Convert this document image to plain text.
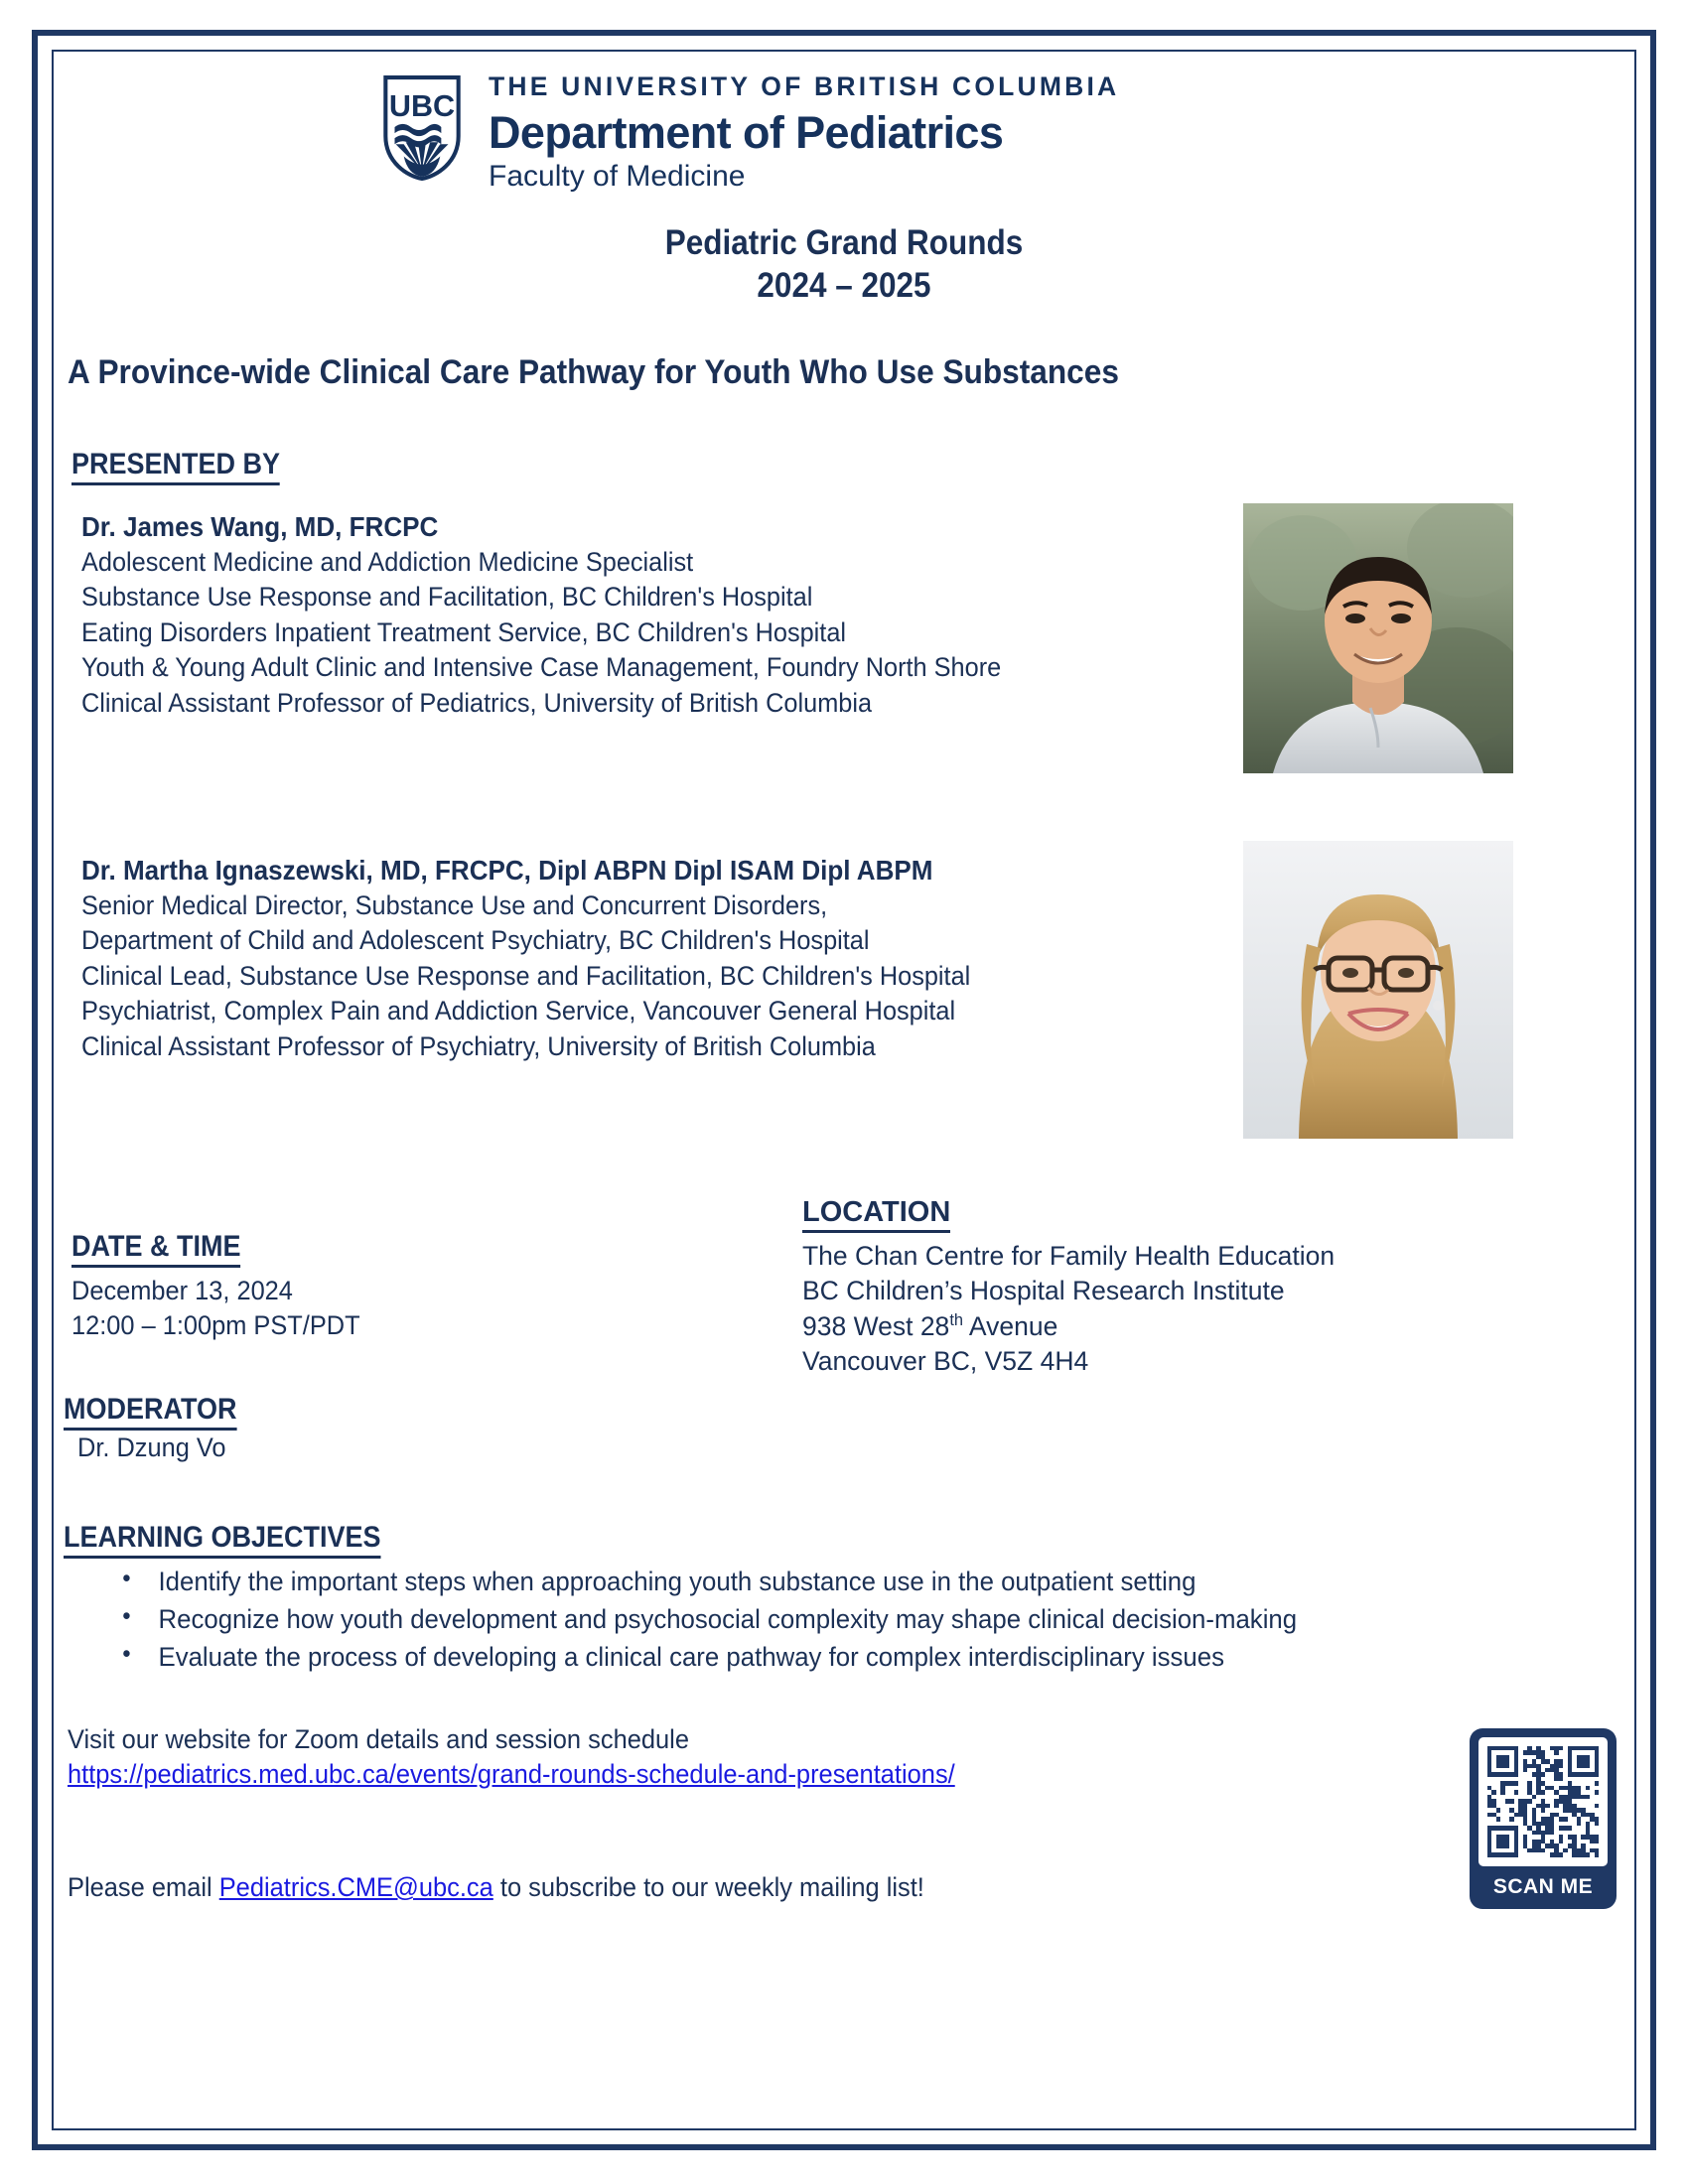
UBC
THE UNIVERSITY OF BRITISH COLUMBIA
Department of Pediatrics
Faculty of Medicine
Pediatric Grand Rounds
2024 – 2025
A Province-wide Clinical Care Pathway for Youth Who Use Substances
PRESENTED BY
Dr. James Wang, MD, FRCPC
Adolescent Medicine and Addiction Medicine Specialist
Substance Use Response and Facilitation, BC Children's Hospital
Eating Disorders Inpatient Treatment Service, BC Children's Hospital
Youth & Young Adult Clinic and Intensive Case Management, Foundry North Shore
Clinical Assistant Professor of Pediatrics, University of British Columbia
Dr. Martha Ignaszewski, MD, FRCPC, Dipl ABPN Dipl ISAM Dipl ABPM
Senior Medical Director, Substance Use and Concurrent Disorders,
Department of Child and Adolescent Psychiatry, BC Children's Hospital
Clinical Lead, Substance Use Response and Facilitation, BC Children's Hospital
Psychiatrist, Complex Pain and Addiction Service, Vancouver General Hospital
Clinical Assistant Professor of Psychiatry, University of British Columbia
DATE & TIME
December 13, 2024
12:00 – 1:00pm PST/PDT
LOCATION
The Chan Centre for Family Health Education
BC Children’s Hospital Research Institute
938 West 28th Avenue
Vancouver BC, V5Z 4H4
MODERATOR
Dr. Dzung Vo
LEARNING OBJECTIVES
• Identify the important steps when approaching youth substance use in the outpatient setting
• Recognize how youth development and psychosocial complexity may shape clinical decision‑making
• Evaluate the process of developing a clinical care pathway for complex interdisciplinary issues
Visit our website for Zoom details and session schedule
https://pediatrics.med.ubc.ca/events/grand-rounds-schedule-and-presentations/
Please email Pediatrics.CME@ubc.ca to subscribe to our weekly mailing list!	SCAN ME
